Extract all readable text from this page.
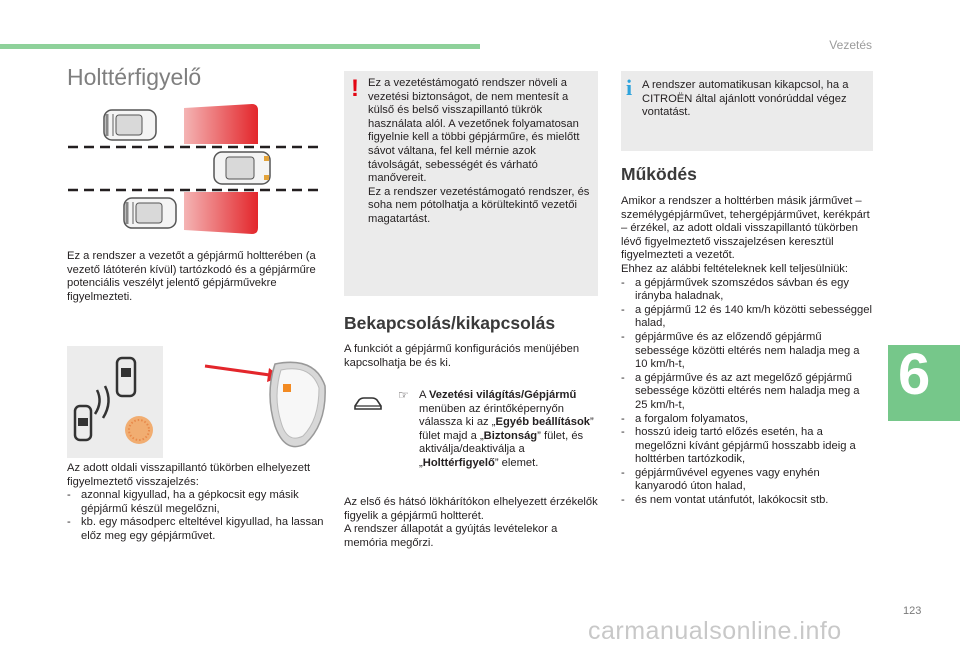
Vezetés
Holttérfigyelő
Ez a rendszer a vezetőt a gépjármű holtterében (a vezető látóterén kívül) tartózkodó és a gépjárműre potenciális veszélyt jelentő gépjárművekre figyelmezteti.

Az adott oldali visszapillantó tükörben elhelyezett figyelmeztető visszajelzés:

- azonnal kigyullad, ha a gépkocsit egy másik gépjármű készül megelőzni,
- kb. egy másodperc elteltével kigyullad, ha lassan előz meg egy gépjárművet.
! Ez a vezetéstámogató rendszer növeli a vezetési biztonságot, de nem mentesít a külső és belső visszapillantó tükrök használata alól. A vezetőnek folyamatosan figyelnie kell a többi gépjárműre, és mielőtt sávot váltana, fel kell mérnie azok távolságát, sebességét és várható manővereit.

Ez a rendszer vezetéstámogató rendszer, és soha nem pótolhatja a körültekintő vezetői magatartást.

Bekapcsolás/kikapcsolás
A funkciót a gépjármű konfigurációs menüjében kapcsolhatja be és ki.
☞ A Vezetési világítás/Gépjármű menüben az érintőképernyőn válassza ki az „Egyéb beállítások” fület majd a „Biztonság” fület, és aktiválja/deaktiválja a „Holttérfigyelő” elemet.

Az első és hátsó lökhárítókon elhelyezett érzékelők figyelik a gépjármű holtterét.

A rendszer állapotát a gyújtás levételekor a memória megőrzi.

i A rendszer automatikusan kikapcsol, ha a CITROËN által ajánlott vonórúddal végez vontatást.
Működés

Amikor a rendszer a holttérben másik járművet – személygépjárművet, tehergépjárművet, kerékpárt – érzékel, az adott oldali visszapillantó tükörben lévő figyelmeztető visszajelzésen keresztül figyelmezteti a vezetőt.

Ehhez az alábbi feltételeknek kell teljesülniük:

- a gépjárművek szomszédos sávban és egy irányba haladnak,
- a gépjármű 12 és 140 km/h közötti sebességgel halad,
- gépjárműve és az előzendő gépjármű sebessége közötti eltérés nem haladja meg a 10 km/h-t,
- a gépjárműve és az azt megelőző gépjármű sebessége közötti eltérés nem haladja meg a 25 km/h-t,
- a forgalom folyamatos,
- hosszú ideig tartó előzés esetén, ha a megelőzni kívánt gépjármű hosszabb ideig a holttérben tartózkodik,
- gépjárművével egyenes vagy enyhén kanyarodó úton halad,
- és nem vontat utánfutót, lakókocsit stb.
6
123
carmanualsonline.info
